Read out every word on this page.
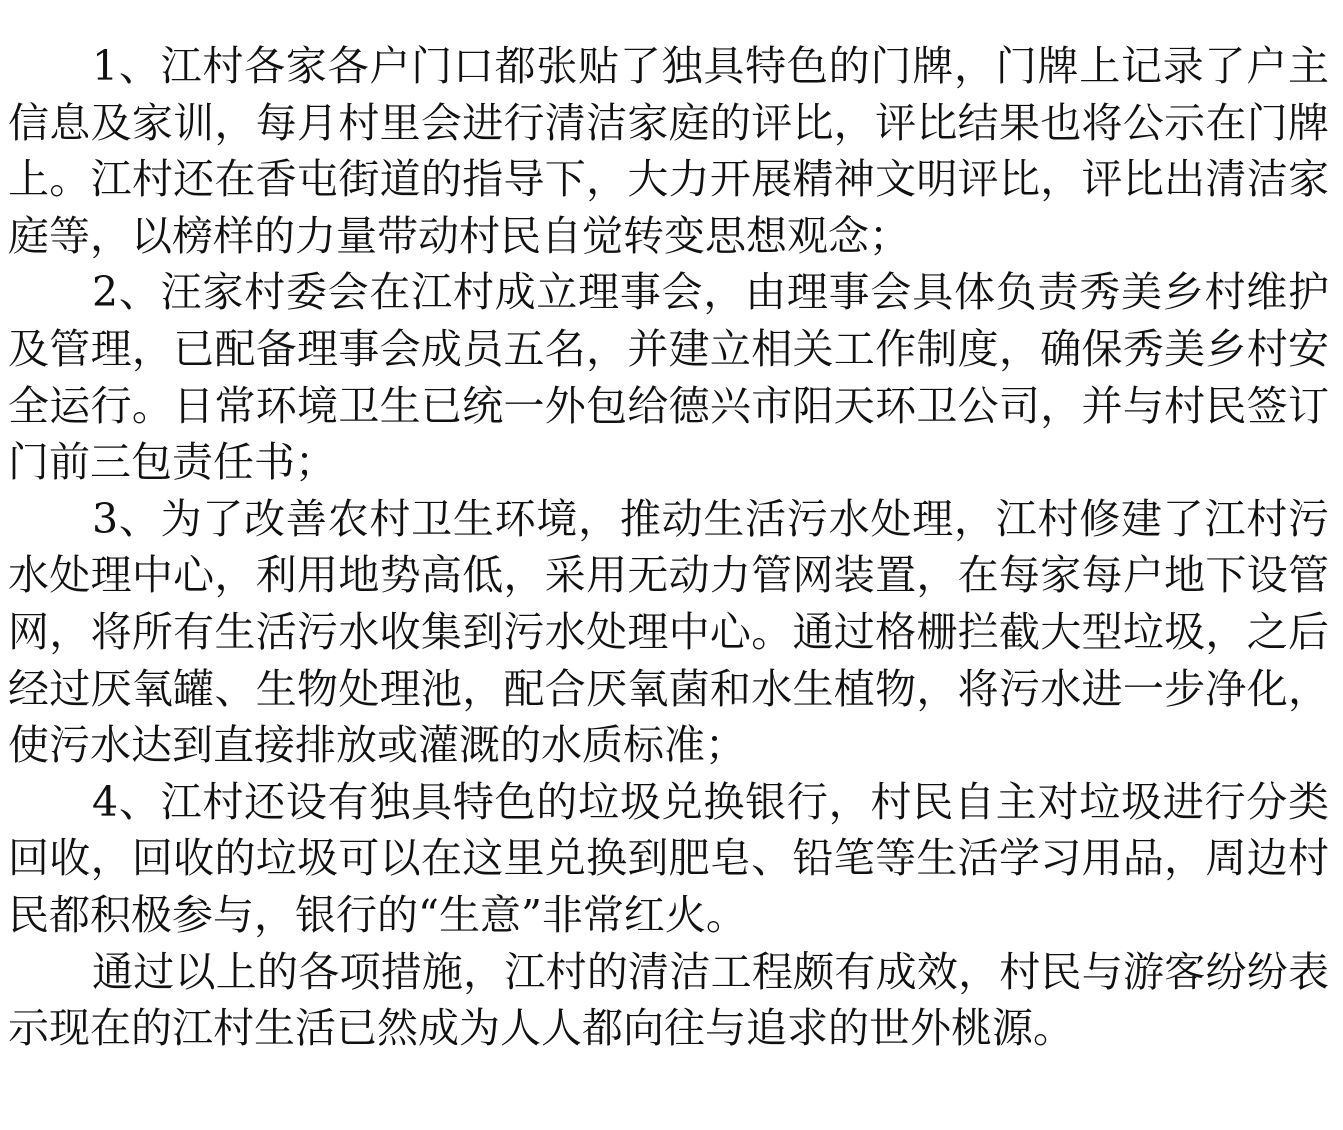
1、江村各家各户门口都张贴了独具特色的门牌，门牌上记录了户主信息及家训，每月村里会进行清洁家庭的评比，评比结果也将公示在门牌上。江村还在香屯街道的指导下，大力开展精神文明评比，评比出清洁家庭等，以榜样的力量带动村民自觉转变思想观念；

2、汪家村委会在江村成立理事会，由理事会具体负责秀美乡村维护及管理，已配备理事会成员五名，并建立相关工作制度，确保秀美乡村安全运行。日常环境卫生已统一外包给德兴市阳天环卫公司，并与村民签订门前三包责任书；

3、为了改善农村卫生环境，推动生活污水处理，江村修建了江村污水处理中心，利用地势高低，采用无动力管网装置，在每家每户地下设管网，将所有生活污水收集到污水处理中心。通过格栅拦截大型垃圾，之后经过厌氧罐、生物处理池，配合厌氧菌和水生植物，将污水进一步净化，使污水达到直接排放或灌溉的水质标准；

4、江村还设有独具特色的垃圾兑换银行，村民自主对垃圾进行分类回收，回收的垃圾可以在这里兑换到肥皂、铅笔等生活学习用品，周边村民都积极参与，银行的“生意”非常红火。

通过以上的各项措施，江村的清洁工程颇有成效，村民与游客纷纷表示现在的江村生活已然成为人人都向往与追求的世外桃源。
